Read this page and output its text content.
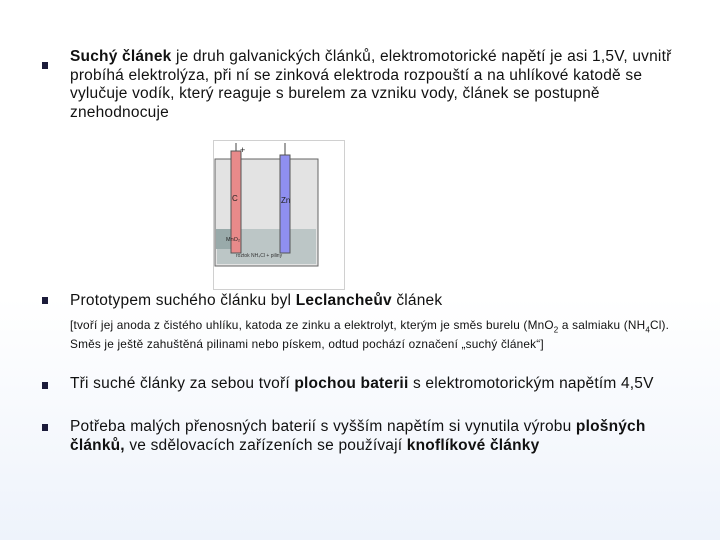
Suchý článek je druh galvanických článků, elektromotorické napětí je asi 1,5V, uvnitř probíhá elektrolýza, při ní se zinková elektroda rozpouští a na uhlíkové katodě se vylučuje vodík, který reaguje s burelem za vzniku vody, článek se postupně znehodnocuje
+
C	Zn
MnO₂
roztok NH₄Cl + piliny
Prototypem suchého článku byl Leclancheův článek
[tvoří jej anoda z čistého uhlíku, katoda ze zinku a elektrolyt, kterým je směs burelu (MnO$_2$ a salmiaku $(NH_4Cl)$. Směs je ještě zahuštěná pilinami nebo pískem, odtud pochází označení „suchý článek“]
Tři suché články za sebou tvoří plochou baterii s elektromotorickým napětím 4,5V
Potřeba malých přenosných baterií s vyšším napětím si vynutila výrobu plošných článků, ve sdělovacích zařízeních se používají knoflíkové články
